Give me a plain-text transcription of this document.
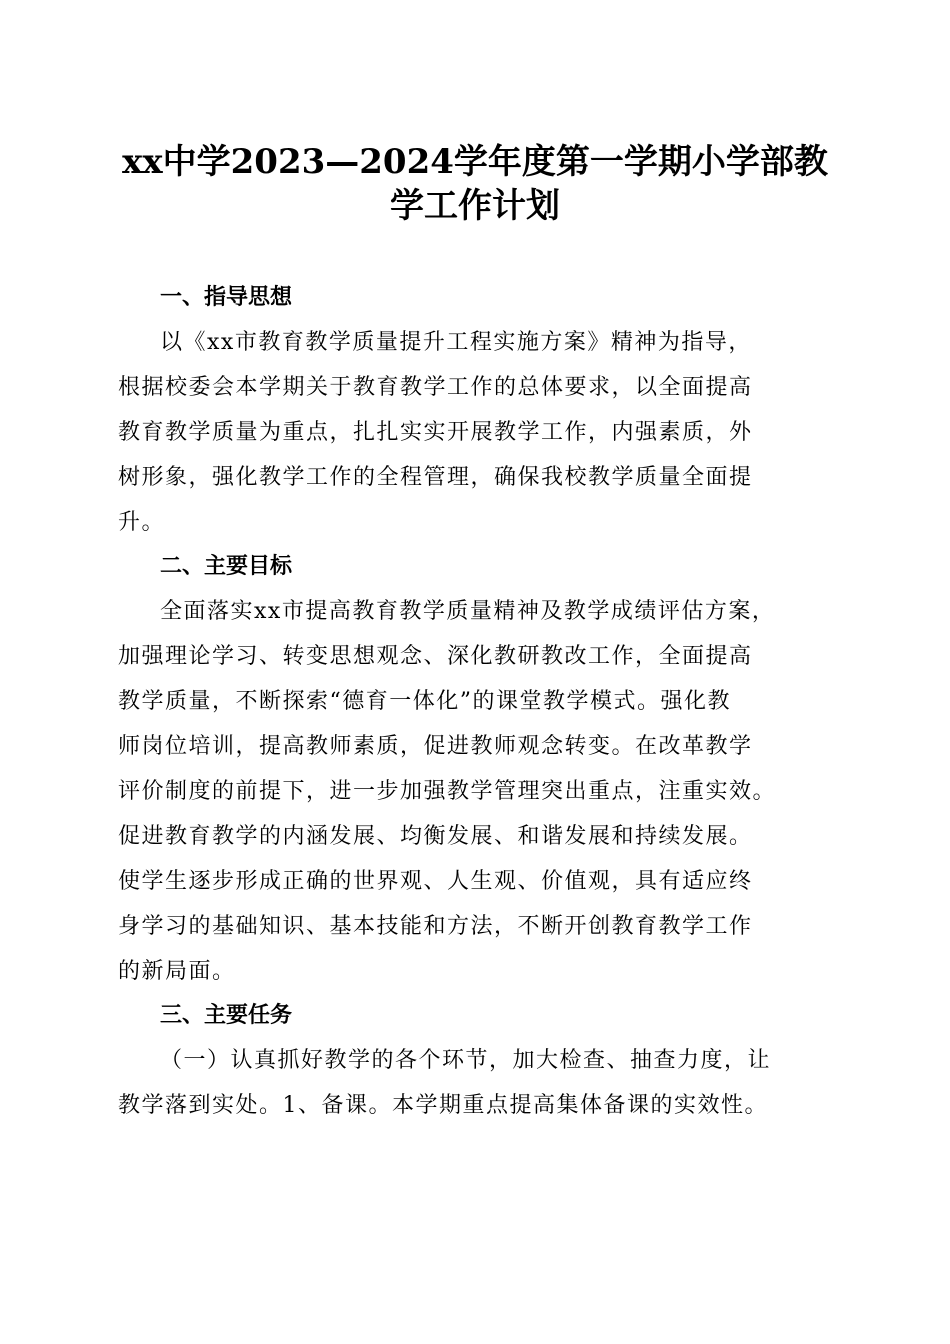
xx中学2023—2024学年度第一学期小学部教
学工作计划
一、指导思想
以《xx市教育教学质量提升工程实施方案》精神为指导，
根据校委会本学期关于教育教学工作的总体要求，以全面提高
教育教学质量为重点，扎扎实实开展教学工作，内强素质，外
树形象，强化教学工作的全程管理，确保我校教学质量全面提
升。
二、主要目标
全面落实xx市提高教育教学质量精神及教学成绩评估方案，
加强理论学习、转变思想观念、深化教研教改工作，全面提高
教学质量，不断探索“德育一体化”的课堂教学模式。强化教
师岗位培训，提高教师素质，促进教师观念转变。在改革教学
评价制度的前提下，进一步加强教学管理突出重点，注重实效。
促进教育教学的内涵发展、均衡发展、和谐发展和持续发展。
使学生逐步形成正确的世界观、人生观、价值观，具有适应终
身学习的基础知识、基本技能和方法，不断开创教育教学工作
的新局面。
三、主要任务
（一）认真抓好教学的各个环节，加大检查、抽查力度，让
教学落到实处。1、备课。本学期重点提高集体备课的实效性。
